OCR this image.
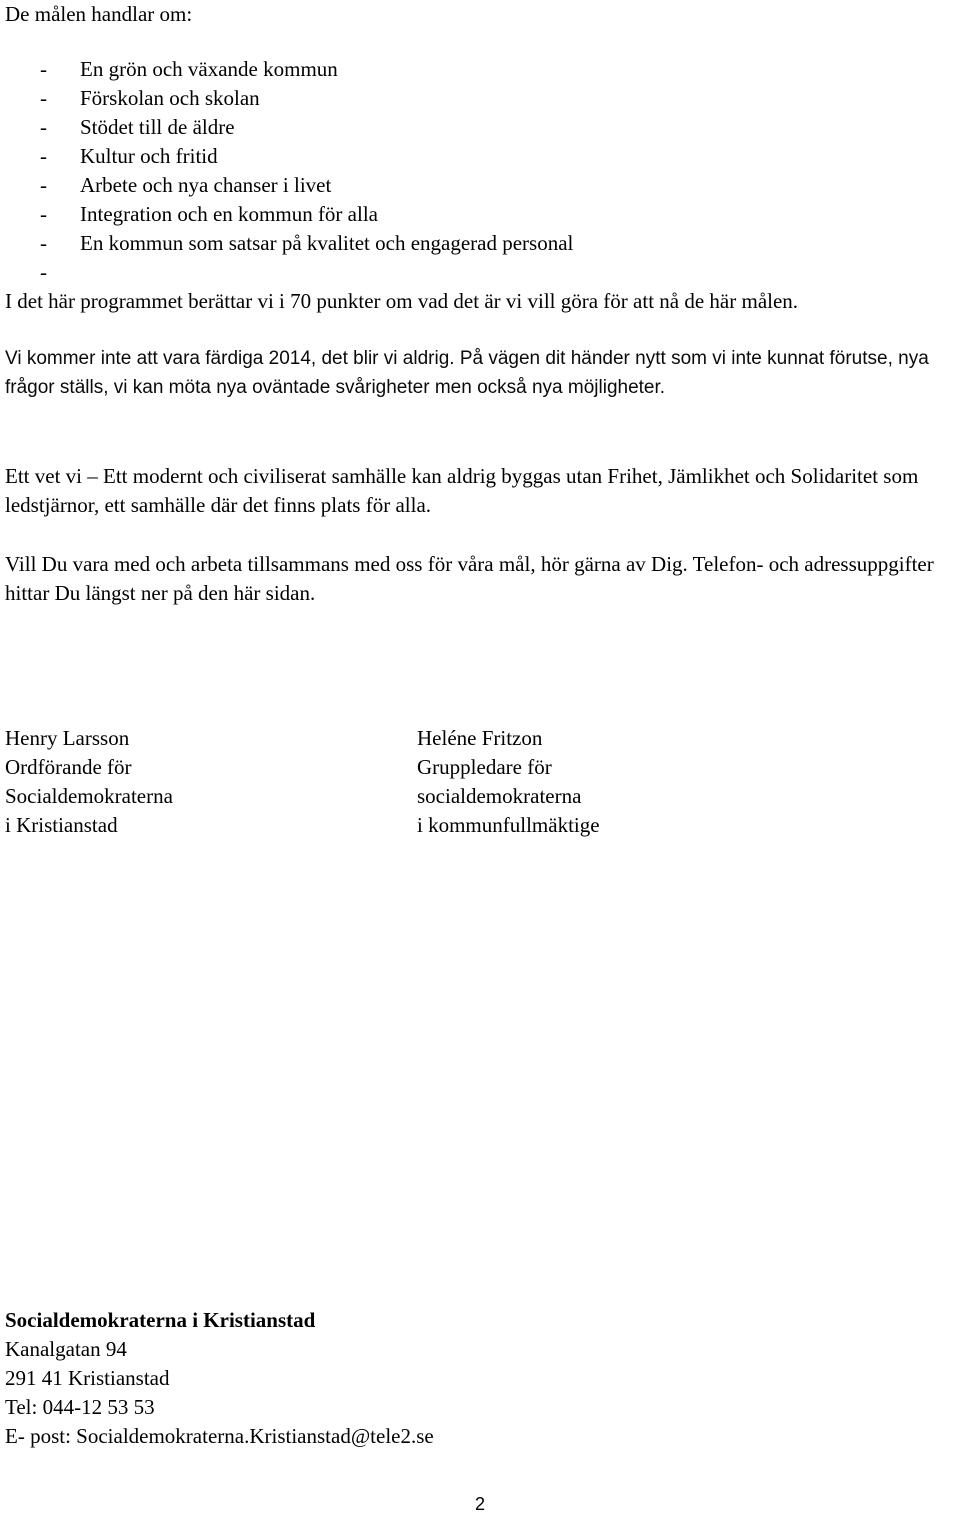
De målen handlar om:
- En grön och växande kommun
- Förskolan och skolan
- Stödet till de äldre
- Kultur och fritid
- Arbete och nya chanser i livet
- Integration och en kommun för alla
- En kommun som satsar på kvalitet och engagerad personal
-

I det här programmet berättar vi i 70 punkter om vad det är vi vill göra för att nå de här målen.

Vi kommer inte att vara färdiga 2014, det blir vi aldrig. På vägen dit händer nytt som vi inte kunnat förutse, nya frågor ställs, vi kan möta nya oväntade svårigheter men också nya möjligheter.

Ett vet vi – Ett modernt och civiliserat samhälle kan aldrig byggas utan Frihet, Jämlikhet och Solidaritet som ledstjärnor, ett samhälle där det finns plats för alla.

Vill Du vara med och arbeta tillsammans med oss för våra mål, hör gärna av Dig. Telefon- och adressuppgifter hittar Du längst ner på den här sidan.

Henry Larsson
Ordförande för
Socialdemokraterna
i Kristianstad
Heléne Fritzon
Gruppledare för
socialdemokraterna
i kommunfullmäktige
Socialdemokraterna i Kristianstad
Kanalgatan 94
291 41 Kristianstad
Tel: 044-12 53 53
E- post: Socialdemokraterna.Kristianstad@tele2.se
2
